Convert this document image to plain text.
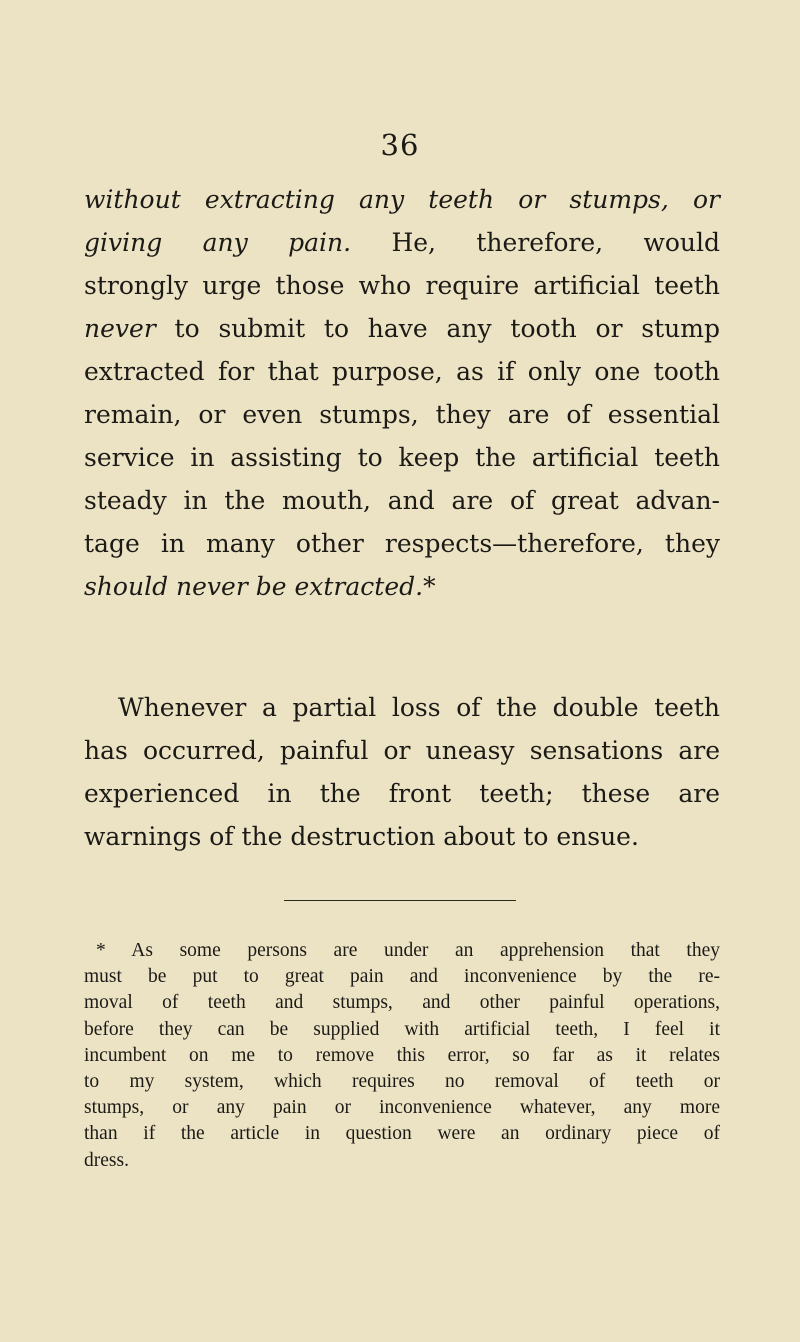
36
without extracting any teeth or stumps, or
giving any pain. He, therefore, would
strongly urge those who require artificial teeth
never to submit to have any tooth or stump
extracted for that purpose, as if only one tooth
remain, or even stumps, they are of essential
service in assisting to keep the artificial teeth
steady in the mouth, and are of great advan-
tage in many other respects—therefore, they
should never be extracted.*
Whenever a partial loss of the double teeth
has occurred, painful or uneasy sensations are
experienced in the front teeth; these are
warnings of the destruction about to ensue.
* As some persons are under an apprehension that they
must be put to great pain and inconvenience by the re-
moval of teeth and stumps, and other painful operations,
before they can be supplied with artificial teeth, I feel it
incumbent on me to remove this error, so far as it relates
to my system, which requires no removal of teeth or
stumps, or any pain or inconvenience whatever, any more
than if the article in question were an ordinary piece of
dress.
